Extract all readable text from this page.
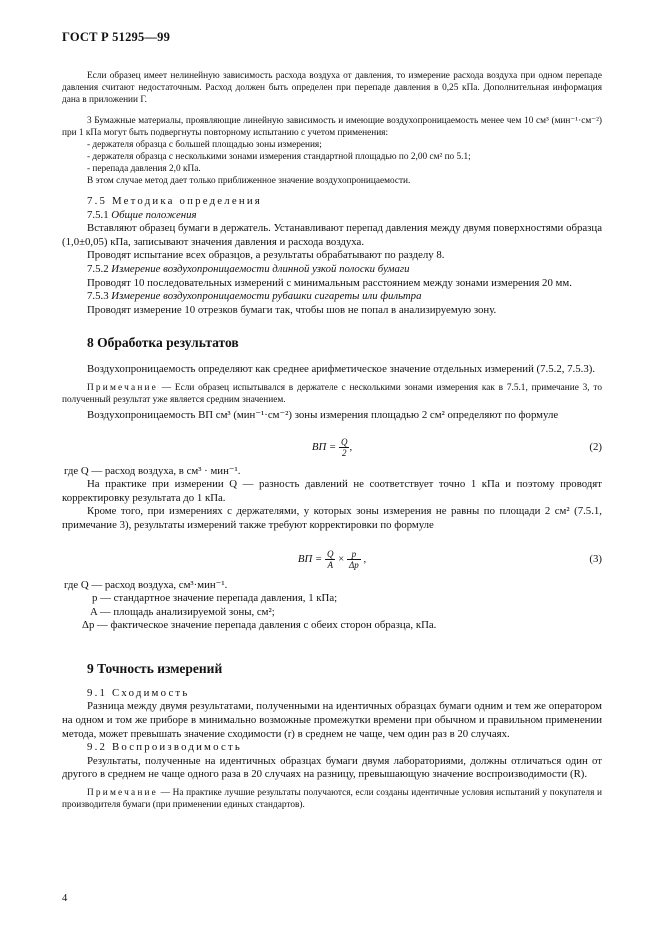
ГОСТ Р 51295—99

Если образец имеет нелинейную зависимость расхода воздуха от давления, то измерение расхода воздуха при одном перепаде давления считают недостаточным. Расход должен быть определен при перепаде давления в 0,25 кПа. Дополнительная информация дана в приложении Г.

3 Бумажные материалы, проявляющие линейную зависимость и имеющие воздухопроницаемость менее чем 10 см³ (мин⁻¹·см⁻²) при 1 кПа могут быть подвергнуты повторному испытанию с учетом применения:

- держателя образца с большей площадью зоны измерения;

- держателя образца с несколькими зонами измерения стандартной площадью по 2,00 см² по 5.1;

- перепада давления 2,0 кПа.

В этом случае метод дает только приближенное значение воздухопроницаемости.

7.5 Методика определения

7.5.1 Общие положения

Вставляют образец бумаги в держатель. Устанавливают перепад давления между двумя поверхностями образца (1,0±0,05) кПа, записывают значения давления и расхода воздуха.

Проводят испытание всех образцов, а результаты обрабатывают по разделу 8.

7.5.2 Измерение воздухопроницаемости длинной узкой полоски бумаги

Проводят 10 последовательных измерений с минимальным расстоянием между зонами измерения 20 мм.

7.5.3 Измерение воздухопроницаемости рубашки сигареты или фильтра

Проводят измерение 10 отрезков бумаги так, чтобы шов не попал в анализируемую зону.

8 Обработка результатов

Воздухопроницаемость определяют как среднее арифметическое значение отдельных измерений (7.5.2, 7.5.3).

Примечание — Если образец испытывался в держателе с несколькими зонами измерения как в 7.5.1, примечание 3, то полученный результат уже является средним значением.

Воздухопроницаемость ВП см³ (мин⁻¹·см⁻²) зоны измерения площадью 2 см² определяют по формуле

ВП = $\frac{Q}{2}$ ,	(2)

где Q — расход воздуха, в см³ · мин⁻¹.

На практике при измерении Q — разность давлений не соответствует точно 1 кПа и поэтому проводят корректировку результата до 1 кПа.

Кроме того, при измерениях с держателями, у которых зоны измерения не равны по площади 2 см² (7.5.1, примечание 3), результаты измерений также требуют корректировки по формуле

ВП = $\frac{Q}{A} \times \frac{p}{\Delta p}$ ,	(3)

где Q — расход воздуха, см³·мин⁻¹.

p — стандартное значение перепада давления, 1 кПа;

A — площадь анализируемой зоны, см²;

Δp — фактическое значение перепада давления с обеих сторон образца, кПа.

9 Точность измерений

9.1 Сходимость

Разница между двумя результатами, полученными на идентичных образцах бумаги одним и тем же оператором на одном и том же приборе в минимально возможные промежутки времени при обычном и правильном применении метода, может превышать значение сходимости (r) в среднем не чаще, чем один раз в 20 случаях.

9.2 Воспроизводимость

Результаты, полученные на идентичных образцах бумаги двумя лабораториями, должны отличаться один от другого в среднем не чаще одного раза в 20 случаях на разницу, превышающую значение воспроизводимости (R).

Примечание — На практике лучшие результаты получаются, если созданы идентичные условия испытаний у покупателя и производителя бумаги (при применении единых стандартов).

4
